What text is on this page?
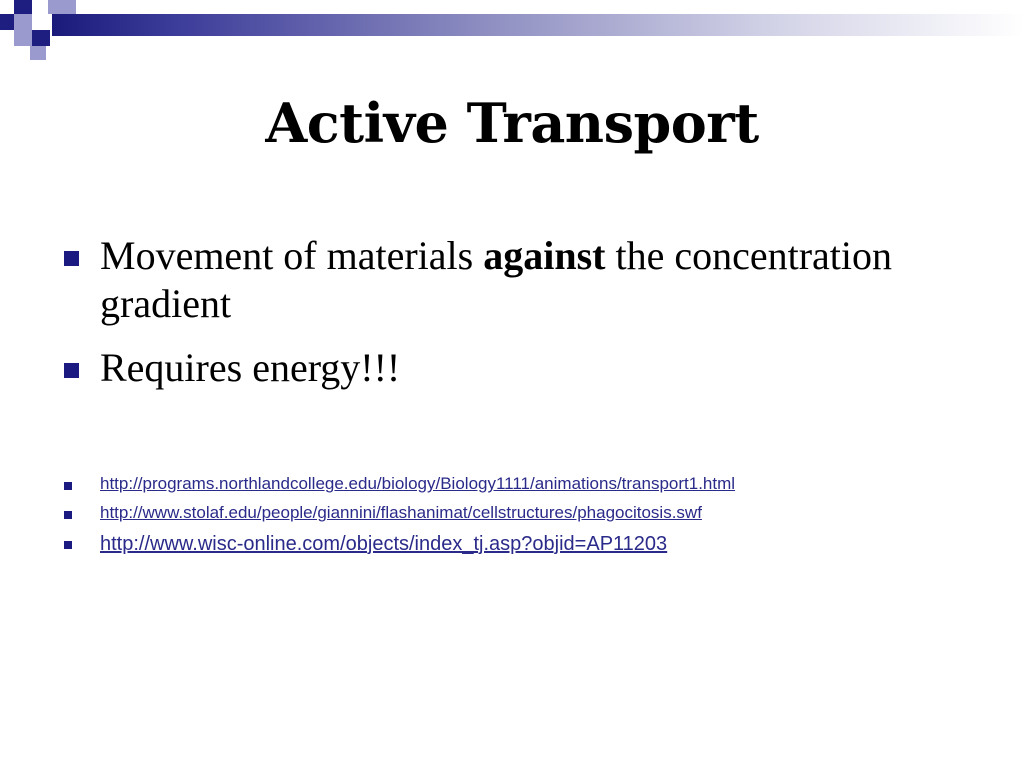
Active Transport
Movement of materials against the concentration gradient
Requires energy!!!
http://programs.northlandcollege.edu/biology/Biology1111/animations/transport1.html
http://www.stolaf.edu/people/giannini/flashanimat/cellstructures/phagocitosis.swf
http://www.wisc-online.com/objects/index_tj.asp?objid=AP11203
